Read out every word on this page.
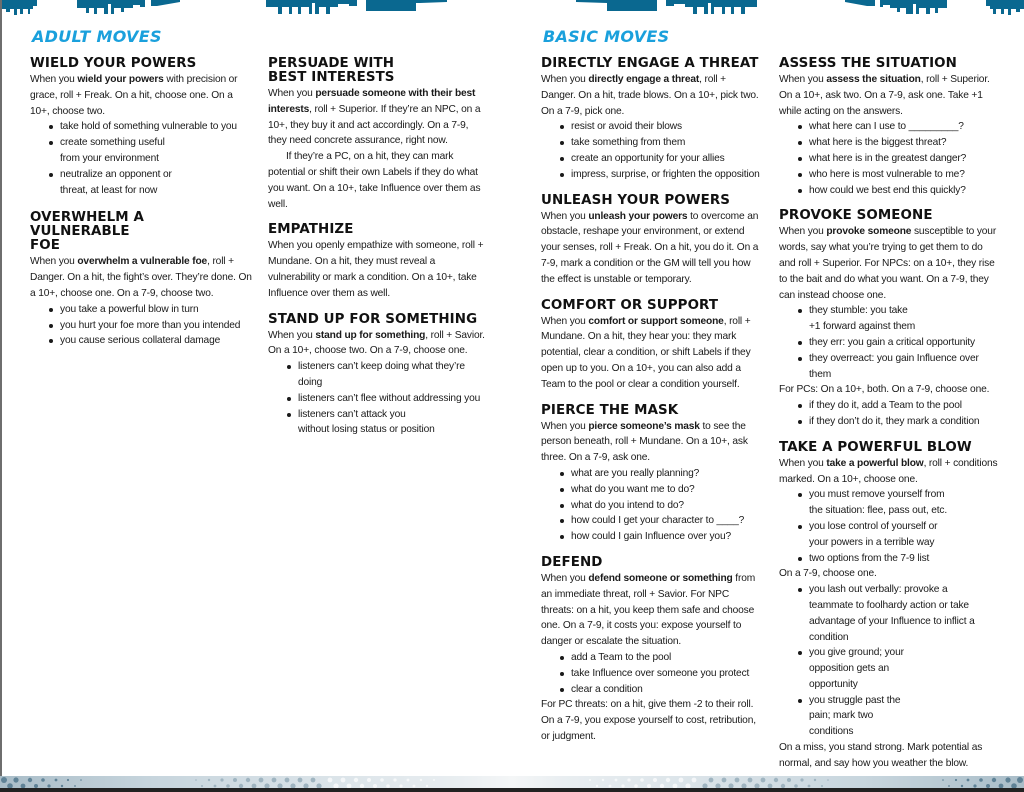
ADULT MOVES
WIELD YOUR POWERS

When you wield your powers with precision or grace, roll + Freak. On a hit, choose one. On a 10+, choose two.

take hold of something vulnerable to you
create something useful from your environment
neutralize an opponent or threat, at least for now
OVERWHELM A VULNERABLE FOE

When you overwhelm a vulnerable foe, roll + Danger. On a hit, the fight’s over. They’re done. On a 10+, choose one. On a 7-9, choose two.

you take a powerful blow in turn
you hurt your foe more than you intended
you cause serious collateral damage
PERSUADE WITH BEST INTERESTS

When you persuade someone with their best interests, roll + Superior. If they’re an NPC, on a 10+, they buy it and act accordingly. On a 7-9, they need concrete assurance, right now.

If they’re a PC, on a hit, they can mark potential or shift their own Labels if they do what you want. On a 10+, take Influence over them as well.

EMPATHIZE

When you openly empathize with someone, roll + Mundane. On a hit, they must reveal a vulnerability or mark a condition. On a 10+, take Influence over them as well.

STAND UP FOR SOMETHING

When you stand up for something, roll + Savior. On a 10+, choose two. On a 7-9, choose one.

listeners can’t keep doing what they’re doing
listeners can’t flee without addressing you
listeners can’t attack you without losing status or position
BASIC MOVES
DIRECTLY ENGAGE A THREAT

When you directly engage a threat, roll + Danger. On a hit, trade blows. On a 10+, pick two. On a 7-9, pick one.

resist or avoid their blows
take something from them
create an opportunity for your allies
impress, surprise, or frighten the opposition
UNLEASH YOUR POWERS

When you unleash your powers to overcome an obstacle, reshape your environment, or extend your senses, roll + Freak. On a hit, you do it. On a 7-9, mark a condition or the GM will tell you how the effect is unstable or temporary.

COMFORT OR SUPPORT

When you comfort or support someone, roll + Mundane. On a hit, they hear you: they mark potential, clear a condition, or shift Labels if they open up to you. On a 10+, you can also add a Team to the pool or clear a condition yourself.

PIERCE THE MASK

When you pierce someone’s mask to see the person beneath, roll + Mundane. On a 10+, ask three. On a 7-9, ask one.

what are you really planning?
what do you want me to do?
what do you intend to do?
how could I get your character to ____?
how could I gain Influence over you?
DEFEND

When you defend someone or something from an immediate threat, roll + Savior. For NPC threats: on a hit, you keep them safe and choose one. On a 7-9, it costs you: expose yourself to danger or escalate the situation.

add a Team to the pool
take Influence over someone you protect
clear a condition

For PC threats: on a hit, give them -2 to their roll. On a 7-9, you expose yourself to cost, retribution, or judgment.

ASSESS THE SITUATION

When you assess the situation, roll + Superior. On a 10+, ask two. On a 7-9, ask one. Take +1 while acting on the answers.

what here can I use to _________?
what here is the biggest threat?
what here is in the greatest danger?
who here is most vulnerable to me?
how could we best end this quickly?
PROVOKE SOMEONE

When you provoke someone susceptible to your words, say what you’re trying to get them to do and roll + Superior. For NPCs: on a 10+, they rise to the bait and do what you want. On a 7-9, they can instead choose one.

they stumble: you take +1 forward against them
they err: you gain a critical opportunity
they overreact: you gain Influence over them

For PCs: On a 10+, both. On a 7-9, choose one.

if they do it, add a Team to the pool
if they don’t do it, they mark a condition
TAKE A POWERFUL BLOW

When you take a powerful blow, roll + conditions marked. On a 10+, choose one.

you must remove yourself from the situation: flee, pass out, etc.
you lose control of yourself or your powers in a terrible way
two options from the 7-9 list

On a 7-9, choose one.

you lash out verbally: provoke a teammate to foolhardy action or take advantage of your Influence to inflict a condition
you give ground; your opposition gets an opportunity
you struggle past the pain; mark two conditions

On a miss, you stand strong. Mark potential as normal, and say how you weather the blow.
